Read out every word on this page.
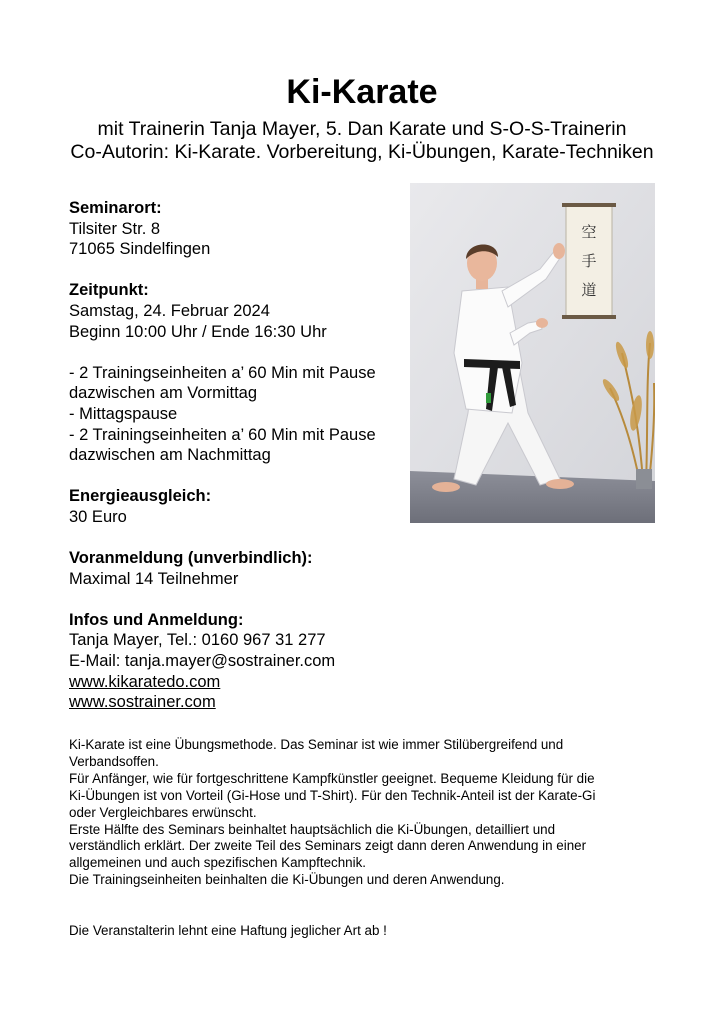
Ki-Karate
mit Trainerin Tanja Mayer, 5. Dan Karate und S-O-S-Trainerin
Co-Autorin: Ki-Karate. Vorbereitung, Ki-Übungen, Karate-Techniken
Seminarort:
Tilsiter Str. 8
71065 Sindelfingen
Zeitpunkt:
Samstag, 24. Februar 2024
Beginn 10:00 Uhr / Ende 16:30 Uhr
- 2 Trainingseinheiten a’ 60 Min mit Pause
dazwischen am Vormittag
- Mittagspause
- 2 Trainingseinheiten a’ 60 Min mit Pause
dazwischen am Nachmittag
Energieausgleich:
30 Euro
Voranmeldung (unverbindlich):
Maximal 14 Teilnehmer
Infos und Anmeldung:
Tanja Mayer, Tel.: 0160 967 31 277
E-Mail: tanja.mayer@sostrainer.com
www.kikaratedo.com
www.sostrainer.com
空
手
道
Ki-Karate ist eine Übungsmethode. Das Seminar ist wie immer Stilübergreifend und
Verbandsoffen.
Für Anfänger, wie für fortgeschrittene Kampfkünstler geeignet. Bequeme Kleidung für die
Ki-Übungen ist von Vorteil (Gi-Hose und T-Shirt). Für den Technik-Anteil ist der Karate-Gi
oder Vergleichbares erwünscht.
Erste Hälfte des Seminars beinhaltet hauptsächlich die Ki-Übungen, detailliert und
verständlich erklärt. Der zweite Teil des Seminars zeigt dann deren Anwendung in einer
allgemeinen und auch spezifischen Kampftechnik.
Die Trainingseinheiten beinhalten die Ki-Übungen und deren Anwendung.
Die Veranstalterin lehnt eine Haftung jeglicher Art ab !
